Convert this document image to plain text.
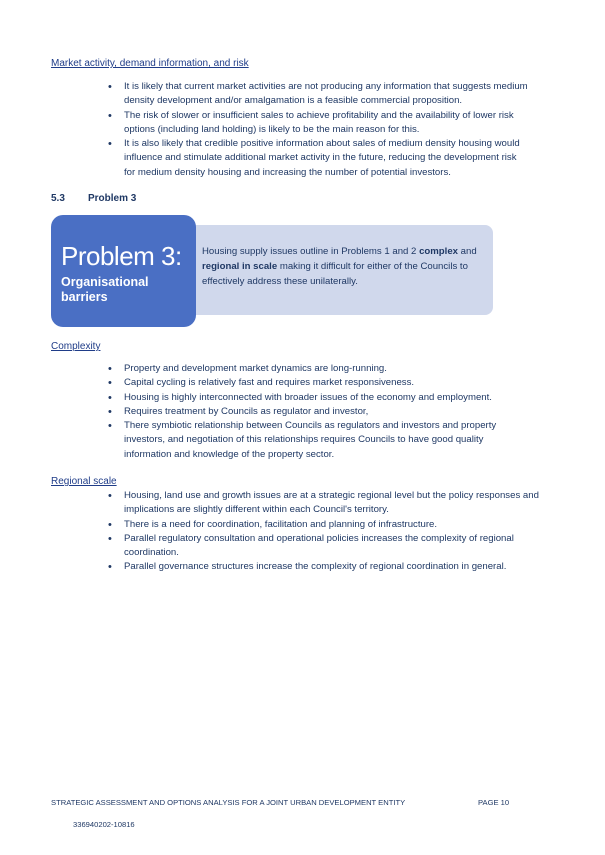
Market activity, demand information, and risk
• It is likely that current market activities are not producing any information that suggests medium density development and/or amalgamation is a feasible commercial proposition.
• The risk of slower or insufficient sales to achieve profitability and the availability of lower risk options (including land holding) is likely to be the main reason for this.
• It is also likely that credible positive information about sales of medium density housing would influence and stimulate additional market activity in the future, reducing the development risk for medium density housing and increasing the number of potential investors.
5.3 Problem 3
Problem 3:
Organisational barriers
Housing supply issues outline in Problems 1 and 2 complex and regional in scale making it difficult for either of the Councils to effectively address these unilaterally.
Complexity
• Property and development market dynamics are long-running.
• Capital cycling is relatively fast and requires market responsiveness.
• Housing is highly interconnected with broader issues of the economy and employment.
• Requires treatment by Councils as regulator and investor,
• There symbiotic relationship between Councils as regulators and investors and property investors, and negotiation of this relationships requires Councils to have good quality information and knowledge of the property sector.
Regional scale
• Housing, land use and growth issues are at a strategic regional level but the policy responses and implications are slightly different within each Council's territory.
• There is a need for coordination, facilitation and planning of infrastructure.
• Parallel regulatory consultation and operational policies increases the complexity of regional coordination.
• Parallel governance structures increase the complexity of regional coordination in general.
STRATEGIC ASSESSMENT AND OPTIONS ANALYSIS FOR A JOINT URBAN DEVELOPMENT ENTITY	PAGE 10
336940202-10816
